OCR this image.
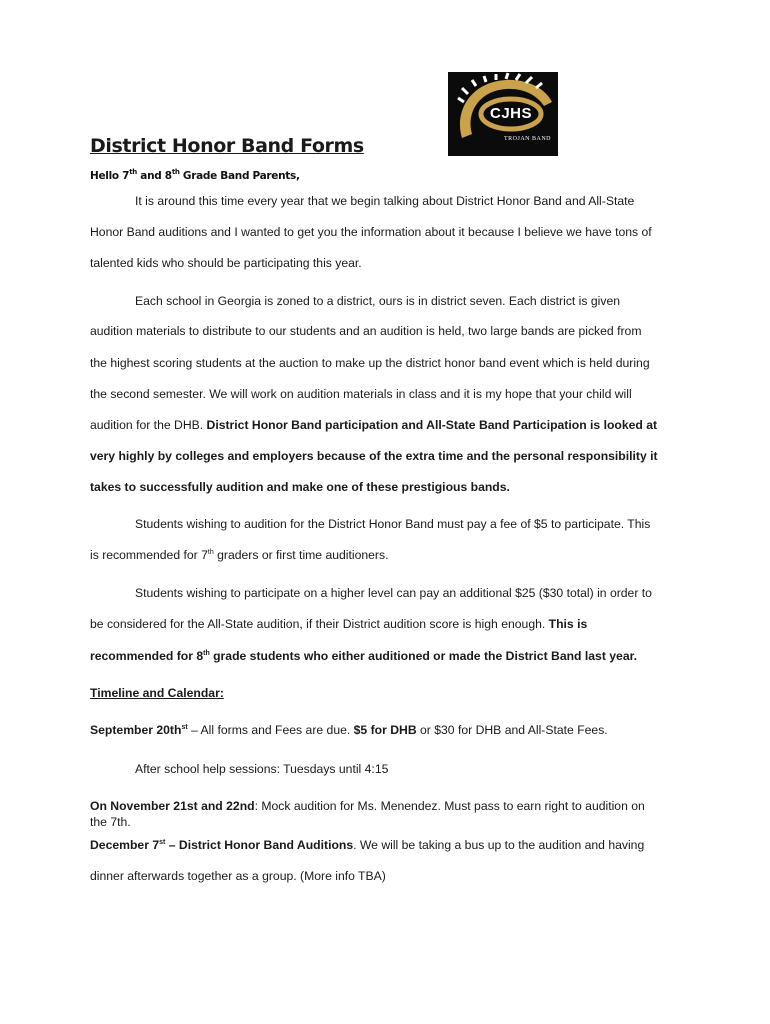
CJHS
TROJAN BAND
District Honor Band Forms

Hello 7th and 8th Grade Band Parents,

It is around this time every year that we begin talking about District Honor Band and All-State

Honor Band auditions and I wanted to get you the information about it because I believe we have tons of

talented kids who should be participating this year.

Each school in Georgia is zoned to a district, ours is in district seven. Each district is given

audition materials to distribute to our students and an audition is held, two large bands are picked from

the highest scoring students at the auction to make up the district honor band event which is held during

the second semester. We will work on audition materials in class and it is my hope that your child will

audition for the DHB. District Honor Band participation and All-State Band Participation is looked at

very highly by colleges and employers because of the extra time and the personal responsibility it

takes to successfully audition and make one of these prestigious bands.

Students wishing to audition for the District Honor Band must pay a fee of $5 to participate. This

is recommended for 7th graders or first time auditioners.

Students wishing to participate on a higher level can pay an additional $25 ($30 total) in order to

be considered for the All-State audition, if their District audition score is high enough. This is

recommended for 8th grade students who either auditioned or made the District Band last year.

Timeline and Calendar:

September $20th^{st}$ – All forms and Fees are due. $5 for DHB or $30 for DHB and All-State Fees.

After school help sessions: Tuesdays until 4:15

On November 21st and 22nd: Mock audition for Ms. Menendez. Must pass to earn right to audition on

the 7th.

December 7st – District Honor Band Auditions. We will be taking a bus up to the audition and having

dinner afterwards together as a group. (More info TBA)
